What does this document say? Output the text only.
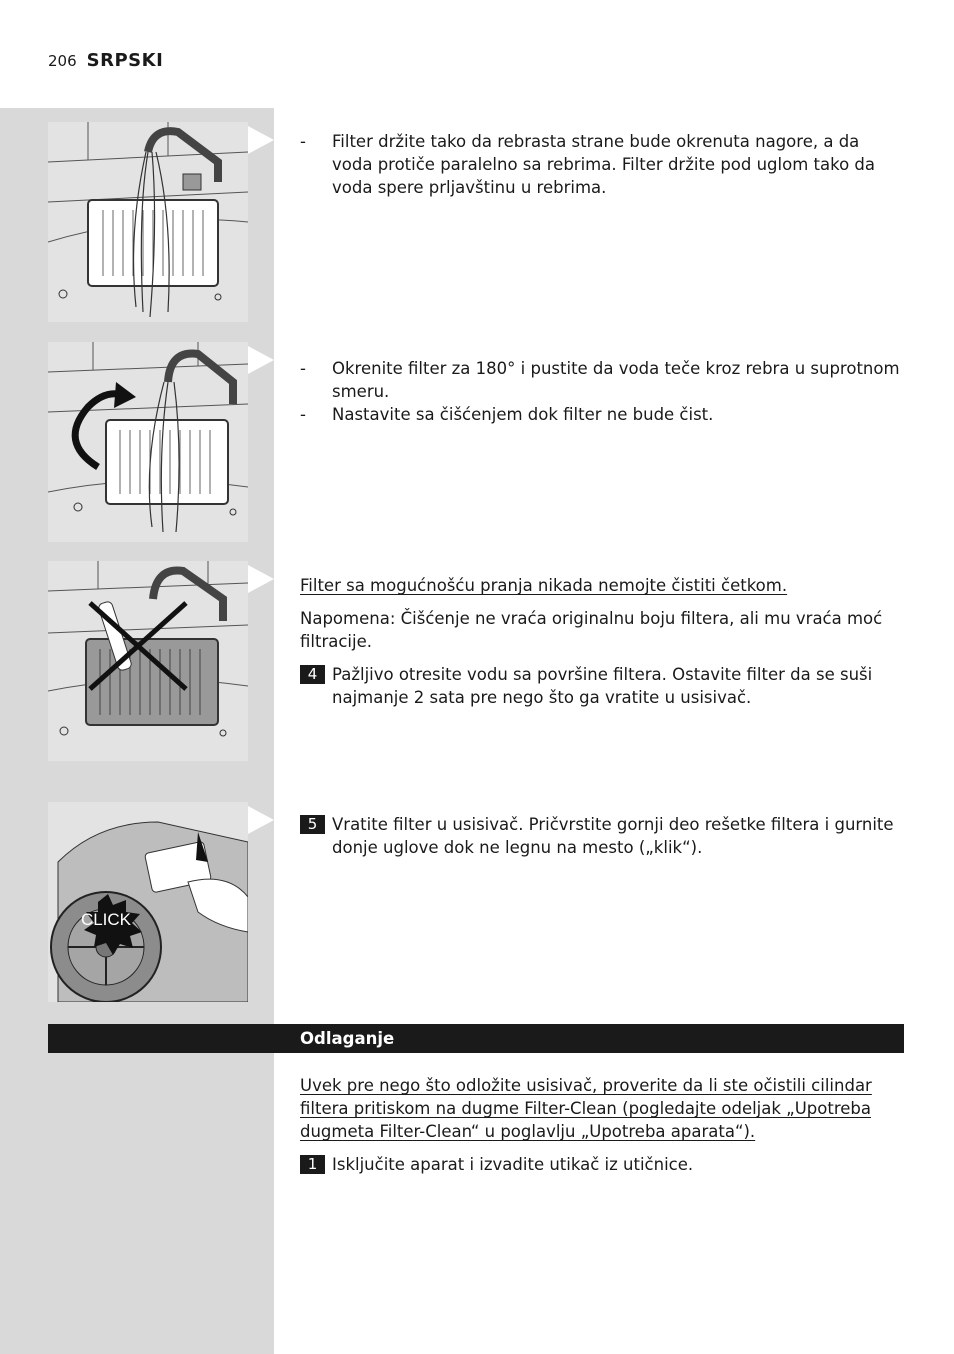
206 SRPSKI
CLICK

- Filter držite tako da rebrasta strane bude okrenuta nagore, a da voda protiče paralelno sa rebrima. Filter držite pod uglom tako da voda spere prljavštinu u rebrima.

- Okrenite filter za 180° i pustite da voda teče kroz rebra u suprotnom smeru.

- Nastavite sa čišćenjem dok filter ne bude čist.

Filter sa mogućnošću pranja nikada nemojte čistiti četkom.

Napomena: Čišćenje ne vraća originalnu boju filtera, ali mu vraća moć filtracije.

4 Pažljivo otresite vodu sa površine filtera. Ostavite filter da se suši najmanje 2 sata pre nego što ga vratite u usisivač.
5 Vratite filter u usisivač. Pričvrstite gornji deo rešetke filtera i gurnite donje uglove dok ne legnu na mesto („klik“).
Odlaganje

Uvek pre nego što odložite usisivač, proverite da li ste očistili cilindar filtera pritiskom na dugme Filter-Clean (pogledajte odeljak „Upotreba dugmeta Filter-Clean“ u poglavlju „Upotreba aparata“).

1 Isključite aparat i izvadite utikač iz utičnice.
